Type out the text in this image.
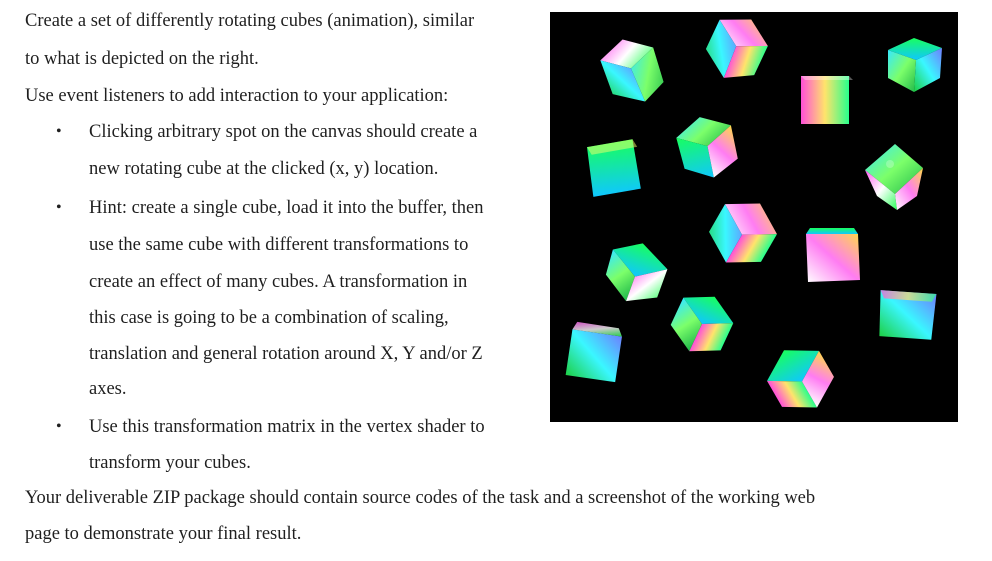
Create a set of differently rotating cubes (animation), similar
to what is depicted on the right.
Use event listeners to add interaction to your application:
• Clicking arbitrary spot on the canvas should create a
new rotating cube at the clicked (x, y) location.
• Hint: create a single cube, load it into the buffer, then
use the same cube with different transformations to
create an effect of many cubes. A transformation in
this case is going to be a combination of scaling,
translation and general rotation around X, Y and/or Z
axes.
• Use this transformation matrix in the vertex shader to
transform your cubes.
Your deliverable ZIP package should contain source codes of the task and a screenshot of the working web
page to demonstrate your final result.
